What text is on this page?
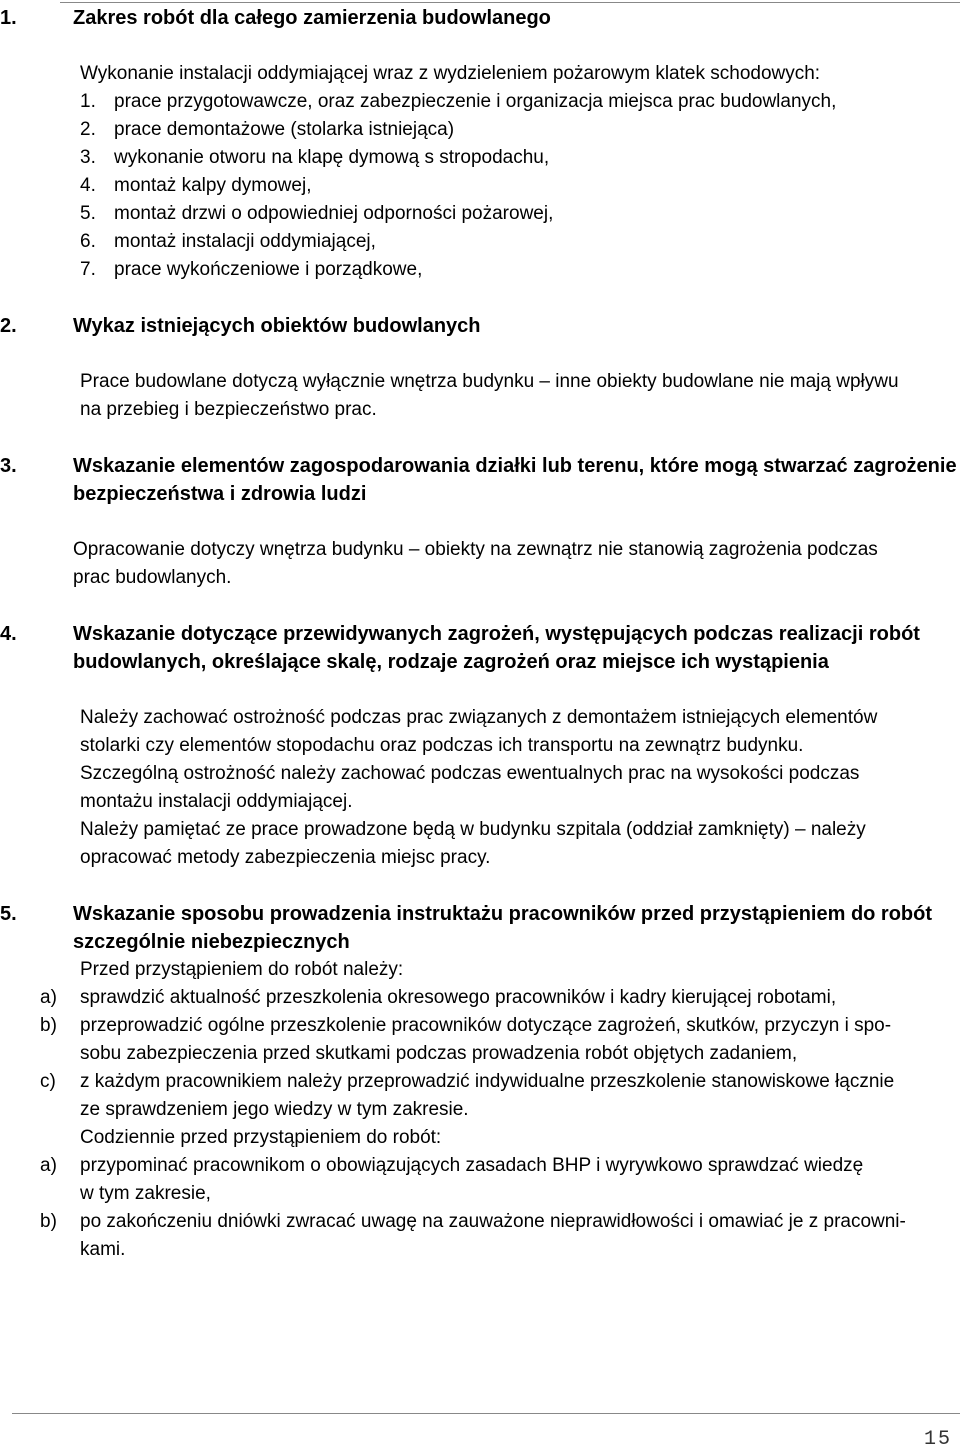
1.	Zakres robót dla całego zamierzenia budowlanego
Wykonanie instalacji oddymiającej wraz z wydzieleniem pożarowym klatek schodowych:
1. prace przygotowawcze, oraz zabezpieczenie i organizacja miejsca prac budowlanych,
2. prace demontażowe (stolarka istniejąca)
3. wykonanie otworu na klapę dymową s stropodachu,
4. montaż kalpy dymowej,
5. montaż drzwi o odpowiedniej odporności pożarowej,
6. montaż instalacji oddymiającej,
7. prace wykończeniowe i porządkowe,
2.	Wykaz istniejących obiektów budowlanych
Prace budowlane dotyczą wyłącznie wnętrza budynku – inne obiekty budowlane nie mają wpływu
na przebieg i bezpieczeństwo prac.
3.	Wskazanie elementów zagospodarowania działki lub terenu, które mogą stwarzać zagrożenie
bezpieczeństwa i zdrowia ludzi
Opracowanie dotyczy wnętrza budynku – obiekty na zewnątrz nie stanowią zagrożenia podczas
prac budowlanych.
4.	Wskazanie dotyczące przewidywanych zagrożeń, występujących podczas realizacji robót
budowlanych, określające skalę, rodzaje zagrożeń oraz miejsce ich wystąpienia
Należy zachować ostrożność podczas prac związanych z demontażem istniejących elementów
stolarki czy elementów stopodachu oraz podczas ich transportu na zewnątrz budynku.
Szczególną ostrożność należy zachować podczas ewentualnych prac na wysokości podczas
montażu instalacji oddymiającej.
Należy pamiętać ze prace prowadzone będą w budynku szpitala (oddział zamknięty) – należy
opracować metody zabezpieczenia miejsc pracy.
5.	Wskazanie sposobu prowadzenia instruktażu pracowników przed przystąpieniem do robót
szczególnie niebezpiecznych
Przed przystąpieniem do robót należy:
a) sprawdzić aktualność przeszkolenia okresowego pracowników i kadry kierującej robotami,
b) przeprowadzić ogólne przeszkolenie pracowników dotyczące zagrożeń, skutków, przyczyn i spo-
sobu zabezpieczenia przed skutkami podczas prowadzenia robót objętych zadaniem,
c) z każdym pracownikiem należy przeprowadzić indywidualne przeszkolenie stanowiskowe łącznie
ze sprawdzeniem jego wiedzy w tym zakresie.
Codziennie przed przystąpieniem do robót:
a) przypominać pracownikom o obowiązujących zasadach BHP i wyrywkowo sprawdzać wiedzę
w tym zakresie,
b) po zakończeniu dniówki zwracać uwagę na zauważone nieprawidłowości i omawiać je z pracowni-
kami.
15
